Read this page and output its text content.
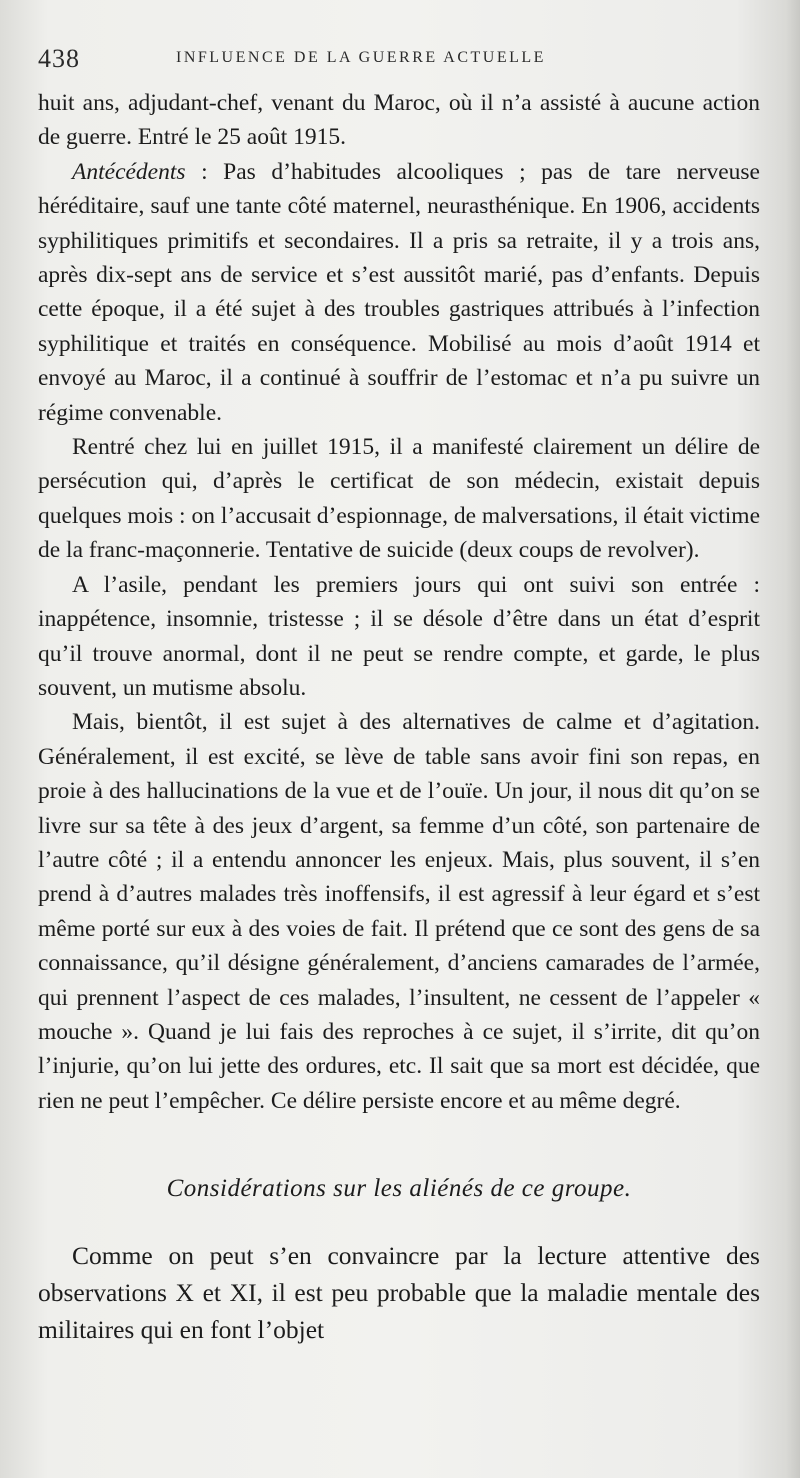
438	INFLUENCE DE LA GUERRE ACTUELLE

huit ans, adjudant-chef, venant du Maroc, où il n’a assisté à aucune action de guerre. Entré le 25 août 1915.

Antécédents : Pas d’habitudes alcooliques ; pas de tare nerveuse héréditaire, sauf une tante côté maternel, neurasthénique. En 1906, accidents syphilitiques primitifs et secondaires. Il a pris sa retraite, il y a trois ans, après dix-sept ans de service et s’est aussitôt marié, pas d’enfants. Depuis cette époque, il a été sujet à des troubles gastriques attribués à l’infection syphilitique et traités en conséquence. Mobilisé au mois d’août 1914 et envoyé au Maroc, il a continué à souffrir de l’estomac et n’a pu suivre un régime convenable.

Rentré chez lui en juillet 1915, il a manifesté clairement un délire de persécution qui, d’après le certificat de son médecin, existait depuis quelques mois : on l’accusait d’espionnage, de malversations, il était victime de la franc-maçonnerie. Tentative de suicide (deux coups de revolver).

A l’asile, pendant les premiers jours qui ont suivi son entrée : inappétence, insomnie, tristesse ; il se désole d’être dans un état d’esprit qu’il trouve anormal, dont il ne peut se rendre compte, et garde, le plus souvent, un mutisme absolu.

Mais, bientôt, il est sujet à des alternatives de calme et d’agitation. Généralement, il est excité, se lève de table sans avoir fini son repas, en proie à des hallucinations de la vue et de l’ouïe. Un jour, il nous dit qu’on se livre sur sa tête à des jeux d’argent, sa femme d’un côté, son partenaire de l’autre côté ; il a entendu annoncer les enjeux. Mais, plus souvent, il s’en prend à d’autres malades très inoffensifs, il est agressif à leur égard et s’est même porté sur eux à des voies de fait. Il prétend que ce sont des gens de sa connaissance, qu’il désigne généralement, d’anciens camarades de l’armée, qui prennent l’aspect de ces malades, l’insultent, ne cessent de l’appeler « mouche ». Quand je lui fais des reproches à ce sujet, il s’irrite, dit qu’on l’injurie, qu’on lui jette des ordures, etc. Il sait que sa mort est décidée, que rien ne peut l’empêcher. Ce délire persiste encore et au même degré.

Considérations sur les aliénés de ce groupe.

Comme on peut s’en convaincre par la lecture attentive des observations X et XI, il est peu probable que la maladie mentale des militaires qui en font l’objet
